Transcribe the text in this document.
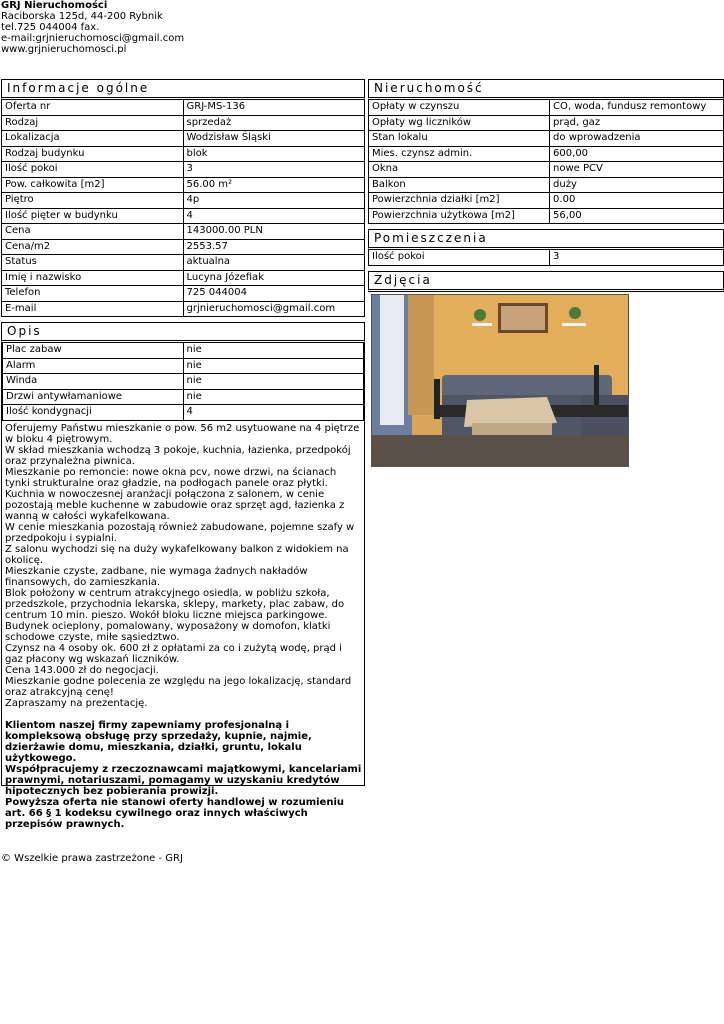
GRJ Nieruchomości
Raciborska 125d, 44-200 Rybnik
tel.725 044004 fax.
e-mail:grjnieruchomosci@gmail.com
www.grjnieruchomosci.pl
Informacje ogólne
Oferta nr	GRJ-MS-136
Rodzaj	sprzedaż
Lokalizacja	Wodzisław Śląski
Rodzaj budynku	blok
Ilość pokoi	3
Pow. całkowita [m2]	56.00 m²
Piętro	4p
Ilość pięter w budynku	4
Cena	143000.00 PLN
Cena/m2	2553.57
Status	aktualna
Imię i nazwisko	Lucyna Józefiak
Telefon	725 044004
E-mail	grjnieruchomosci@gmail.com
Opis
Plac zabaw	nie
Alarm	nie
Winda	nie
Drzwi antywłamaniowe	nie
Ilość kondygnacji	4

Oferujemy Państwu mieszkanie o pow. 56 m2 usytuowane na 4 piętrze w bloku 4 piętrowym.

W skład mieszkania wchodzą 3 pokoje, kuchnia, łazienka, przedpokój oraz przynależna piwnica.

Mieszkanie po remoncie: nowe okna pcv, nowe drzwi, na ścianach tynki strukturalne oraz gładzie, na podłogach panele oraz płytki.

Kuchnia w nowoczesnej aranżacji połączona z salonem, w cenie pozostają meble kuchenne w zabudowie oraz sprzęt agd, łazienka z wanną w całości wykafelkowana.

W cenie mieszkania pozostają również zabudowane, pojemne szafy w przedpokoju i sypialni.

Z salonu wychodzi się na duży wykafelkowany balkon z widokiem na okolicę.

Mieszkanie czyste, zadbane, nie wymaga żadnych nakładów finansowych, do zamieszkania.

Blok położony w centrum atrakcyjnego osiedla, w pobliżu szkoła, przedszkole, przychodnia lekarska, sklepy, markety, plac zabaw, do centrum 10 min. pieszo. Wokół bloku liczne miejsca parkingowe.

Budynek ocieplony, pomalowany, wyposażony w domofon, klatki schodowe czyste, miłe sąsiedztwo.

Czynsz na 4 osoby ok. 600 zł z opłatami za co i zużytą wodę, prąd i gaz płacony wg wskazań liczników.

Cena 143.000 zł do negocjacji.

Mieszkanie godne polecenia ze względu na jego lokalizację, standard oraz atrakcyjną cenę!

Zapraszamy na prezentację.

Klientom naszej firmy zapewniamy profesjonalną i kompleksową obsługę przy sprzedaży, kupnie, najmie, dzierżawie domu, mieszkania, działki, gruntu, lokalu użytkowego.

Współpracujemy z rzeczoznawcami majątkowymi, kancelariami prawnymi, notariuszami, pomagamy w uzyskaniu kredytów hipotecznych bez pobierania prowizji.

Powyższa oferta nie stanowi oferty handlowej w rozumieniu art. 66 § 1 kodeksu cywilnego oraz innych właściwych przepisów prawnych.

Nieruchomość
Opłaty w czynszu	CO, woda, fundusz remontowy
Opłaty wg liczników	prąd, gaz
Stan lokalu	do wprowadzenia
Mies. czynsz admin.	600,00
Okna	nowe PCV
Balkon	duży
Powierzchnia działki [m2]	0.00
Powierzchnia użytkowa [m2]	56,00
Pomieszczenia
Ilość pokoi	3
Zdjęcia
© Wszelkie prawa zastrzeżone - GRJ
